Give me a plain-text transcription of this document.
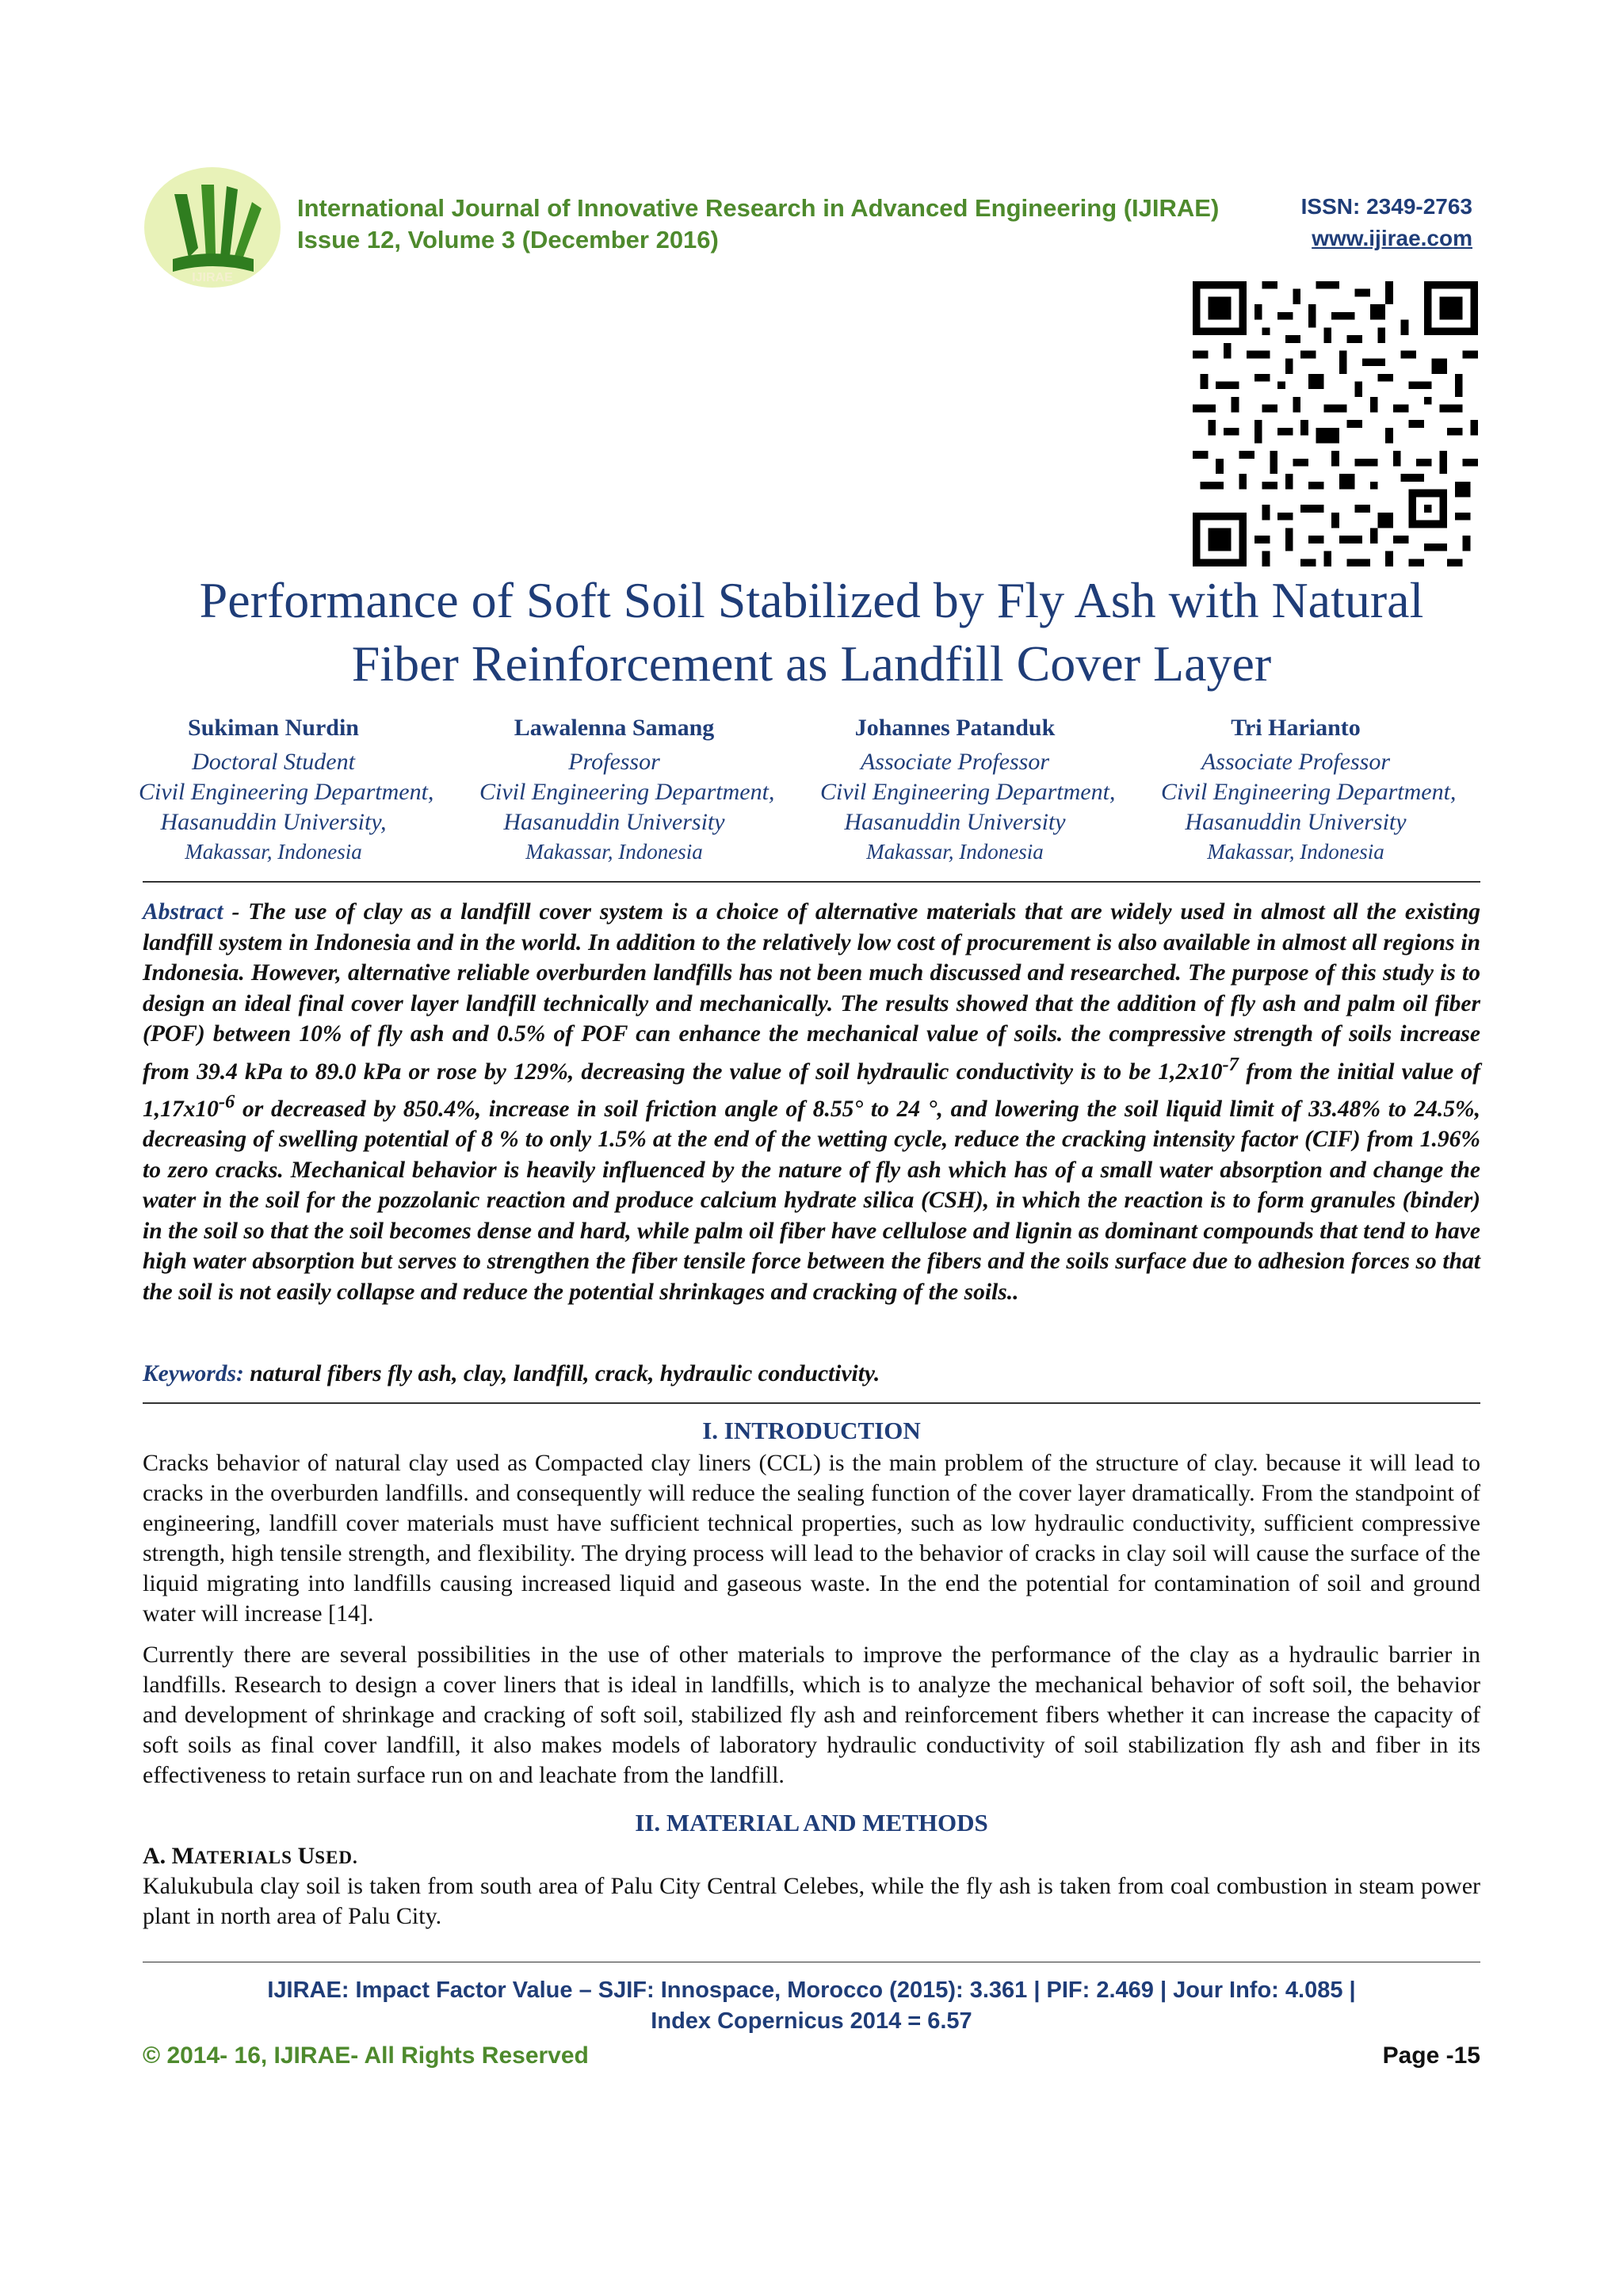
IJIRAE
International Journal of Innovative Research in Advanced Engineering (IJIRAE)
Issue 12, Volume 3 (December 2016)
ISSN: 2349-2763
www.ijirae.com
Performance of Soft Soil Stabilized by Fly Ash with Natural
Fiber Reinforcement as Landfill Cover Layer
Sukiman Nurdin
Doctoral Student
Civil Engineering Department,
Hasanuddin University,
Makassar, Indonesia
Lawalenna Samang
Professor
Civil Engineering Department,
Hasanuddin University
Makassar, Indonesia
Johannes Patanduk
Associate Professor
Civil Engineering Department,
Hasanuddin University
Makassar, Indonesia
Tri Harianto
Associate Professor
Civil Engineering Department,
Hasanuddin University
Makassar, Indonesia
Abstract - The use of clay as a landfill cover system is a choice of alternative materials that are widely used in almost all the existing landfill system in Indonesia and in the world. In addition to the relatively low cost of procurement is also available in almost all regions in Indonesia. However, alternative reliable overburden landfills has not been much discussed and researched. The purpose of this study is to design an ideal final cover layer landfill technically and mechanically. The results showed that the addition of fly ash and palm oil fiber (POF) between 10% of fly ash and 0.5% of POF can enhance the mechanical value of soils. the compressive strength of soils increase from 39.4 kPa to 89.0 kPa or rose by 129%, decreasing the value of soil hydraulic conductivity is to be $1,2x10^{-7}$ from the initial value of $1,17x10^{-6}$ or decreased by 850.4%, increase in soil friction angle of 8.55° to 24 °, and lowering the soil liquid limit of 33.48% to 24.5%, decreasing of swelling potential of 8 % to only 1.5% at the end of the wetting cycle, reduce the cracking intensity factor (CIF) from 1.96% to zero cracks. Mechanical behavior is heavily influenced by the nature of fly ash which has of a small water absorption and change the water in the soil for the pozzolanic reaction and produce calcium hydrate silica (CSH), in which the reaction is to form granules (binder) in the soil so that the soil becomes dense and hard, while palm oil fiber have cellulose and lignin as dominant compounds that tend to have high water absorption but serves to strengthen the fiber tensile force between the fibers and the soils surface due to adhesion forces so that the soil is not easily collapse and reduce the potential shrinkages and cracking of the soils..
Keywords: natural fibers fly ash, clay, landfill, crack, hydraulic conductivity.
I. INTRODUCTION
Cracks behavior of natural clay used as Compacted clay liners (CCL) is the main problem of the structure of clay. because it will lead to cracks in the overburden landfills. and consequently will reduce the sealing function of the cover layer dramatically. From the standpoint of engineering, landfill cover materials must have sufficient technical properties, such as low hydraulic conductivity, sufficient compressive strength, high tensile strength, and flexibility. The drying process will lead to the behavior of cracks in clay soil will cause the surface of the liquid migrating into landfills causing increased liquid and gaseous waste. In the end the potential for contamination of soil and ground water will increase [14].
Currently there are several possibilities in the use of other materials to improve the performance of the clay as a hydraulic barrier in landfills. Research to design a cover liners that is ideal in landfills, which is to analyze the mechanical behavior of soft soil, the behavior and development of shrinkage and cracking of soft soil, stabilized fly ash and reinforcement fibers whether it can increase the capacity of soft soils as final cover landfill, it also makes models of laboratory hydraulic conductivity of soil stabilization fly ash and fiber in its effectiveness to retain surface run on and leachate from the landfill.
II. MATERIAL AND METHODS
A. MATERIALS USED.
Kalukubula clay soil is taken from south area of Palu City Central Celebes, while the fly ash is taken from coal combustion in steam power plant in north area of Palu City.
IJIRAE: Impact Factor Value – SJIF: Innospace, Morocco (2015): 3.361 | PIF: 2.469 | Jour Info: 4.085 |
Index Copernicus 2014 = 6.57
© 2014- 16, IJIRAE- All Rights Reserved	Page -15
